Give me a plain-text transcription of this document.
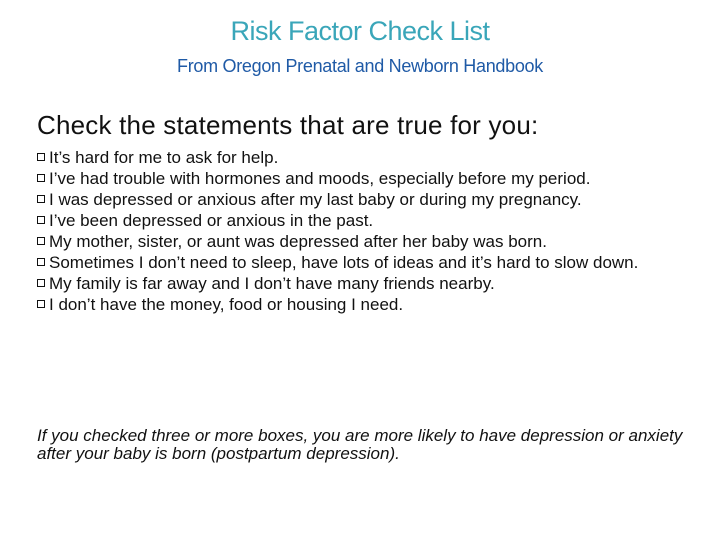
Risk Factor Check List
From Oregon Prenatal and Newborn Handbook
Check the statements that are true for you:
It’s hard for me to ask for help.
I’ve had trouble with hormones and moods, especially before my period.
I was depressed or anxious after my last baby or during my pregnancy.
I’ve been depressed or anxious in the past.
My mother, sister, or aunt was depressed after her baby was born.
Sometimes I don’t need to sleep, have lots of ideas and it’s hard to slow down.
My family is far away and I don’t have many friends nearby.
I don’t have the money, food or housing I need.
If you checked three or more boxes, you are more likely to have depression or anxiety after your baby is born (postpartum depression).
